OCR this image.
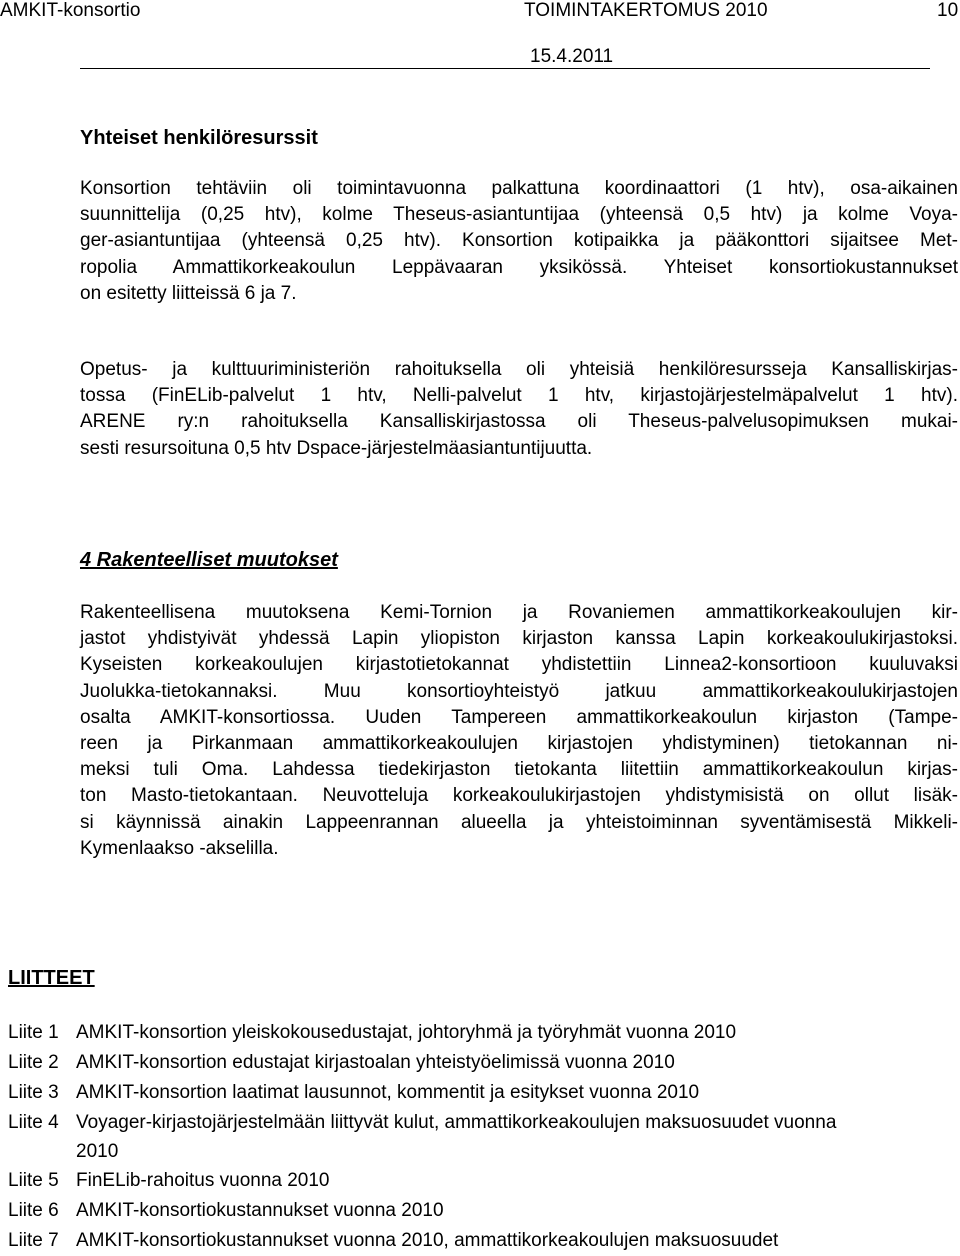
AMKIT-konsortio	TOIMINTAKERTOMUS 2010	10
15.4.2011
Yhteiset henkilöresurssit

Konsortion tehtäviin oli toimintavuonna palkattuna koordinaattori (1 htv), osa-aikainen

suunnittelija (0,25 htv), kolme Theseus-asiantuntijaa (yhteensä 0,5 htv) ja kolme Voya-

ger-asiantuntijaa (yhteensä 0,25 htv). Konsortion kotipaikka ja pääkonttori sijaitsee Met-

ropolia Ammattikorkeakoulun Leppävaaran yksikössä. Yhteiset konsortiokustannukset

on esitetty liitteissä 6 ja 7.

Opetus- ja kulttuuriministeriön rahoituksella oli yhteisiä henkilöresursseja Kansalliskirjas-

tossa (FinELib-palvelut 1 htv, Nelli-palvelut 1 htv, kirjastojärjestelmäpalvelut 1 htv).

ARENE ry:n rahoituksella Kansalliskirjastossa oli Theseus-palvelusopimuksen mukai-

sesti resursoituna 0,5 htv Dspace-järjestelmäasiantuntijuutta.

4 Rakenteelliset muutokset

Rakenteellisena muutoksena Kemi-Tornion ja Rovaniemen ammattikorkeakoulujen kir-

jastot yhdistyivät yhdessä Lapin yliopiston kirjaston kanssa Lapin korkeakoulukirjastoksi.

Kyseisten korkeakoulujen kirjastotietokannat yhdistettiin Linnea2-konsortioon kuuluvaksi

Juolukka-tietokannaksi. Muu konsortioyhteistyö jatkuu ammattikorkeakoulukirjastojen

osalta AMKIT-konsortiossa. Uuden Tampereen ammattikorkeakoulun kirjaston (Tampe-

reen ja Pirkanmaan ammattikorkeakoulujen kirjastojen yhdistyminen) tietokannan ni-

meksi tuli Oma. Lahdessa tiedekirjaston tietokanta liitettiin ammattikorkeakoulun kirjas-

ton Masto-tietokantaan. Neuvotteluja korkeakoulukirjastojen yhdistymisistä on ollut lisäk-

si käynnissä ainakin Lappeenrannan alueella ja yhteistoiminnan syventämisestä Mikkeli-

Kymenlaakso -akselilla.

LIITTEET
Liite 1 AMKIT-konsortion yleiskokousedustajat, johtoryhmä ja työryhmät vuonna 2010
Liite 2 AMKIT-konsortion edustajat kirjastoalan yhteistyöelimissä vuonna 2010
Liite 3 AMKIT-konsortion laatimat lausunnot, kommentit ja esitykset vuonna 2010
Liite 4 Voyager-kirjastojärjestelmään liittyvät kulut, ammattikorkeakoulujen maksuosuudet vuonna 2010
Liite 5 FinELib-rahoitus vuonna 2010
Liite 6 AMKIT-konsortiokustannukset vuonna 2010
Liite 7 AMKIT-konsortiokustannukset vuonna 2010, ammattikorkeakoulujen maksuosuudet
